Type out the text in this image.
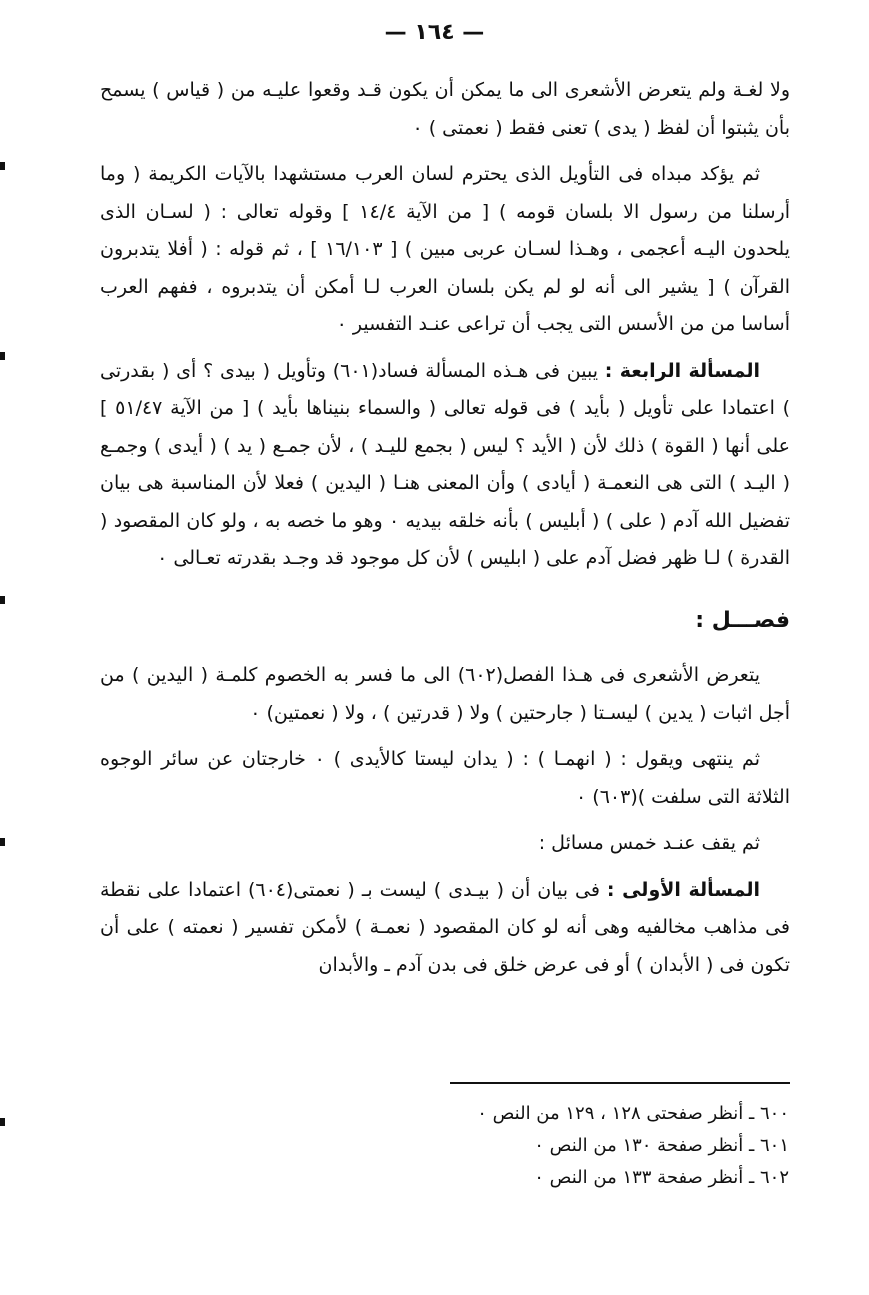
— ١٦٤ —

ولا لغـة ولم يتعرض الأشعرى الى ما يمكن أن يكون قـد وقعوا عليـه من ( قياس ) يسمح بأن يثبتوا أن لفظ ( يدى ) تعنى فقط ( نعمتى ) ٠

ثم يؤكد مبداه فى التأويل الذى يحترم لسان العرب مستشهدا بالآيات الكريمة ( وما أرسلنا من رسول الا بلسان قومه ) [ من الآية ١٤/٤ ] وقوله تعالى : ( لسـان الذى يلحدون اليـه أعجمى ، وهـذا لسـان عربى مبين ) [ ١٦/١٠٣ ] ، ثم قوله : ( أفلا يتدبرون القرآن ) [ يشير الى أنه لو لم يكن بلسان العرب لـا أمكن أن يتدبروه ، ففهم العرب أساسا من من الأسس التى يجب أن تراعى عنـد التفسير ٠

المسألة الرابعة : يبين فى هـذه المسألة فساد(٦٠١) وتأويل ( بيدى ؟ أى ( بقدرتى ) اعتمادا على تأويل ( بأيد ) فى قوله تعالى ( والسماء بنيناها بأيد ) [ من الآية ٥١/٤٧ ] على أنها ( القوة ) ذلك لأن ( الأيد ؟ ليس ( بجمع لليـد ) ، لأن جمـع ( يد ) ( أيدى ) وجمـع ( اليـد ) التى هى النعمـة ( أيادى ) وأن المعنى هنـا ( اليدين ) فعلا لأن المناسبة هى بيان تفضيل الله آدم ( على ) ( أبليس ) بأنه خلقه بيديه ٠ وهو ما خصه به ، ولو كان المقصود ( القدرة ) لـا ظهر فضل آدم على ( ابليس ) لأن كل موجود قد وجـد بقدرته تعـالى ٠

فصـــل :

يتعرض الأشعرى فى هـذا الفصل(٦٠٢) الى ما فسر به الخصوم كلمـة ( اليدين ) من أجل اثبات ( يدين ) ليسـتا ( جارحتين ) ولا ( قدرتين ) ، ولا ( نعمتين) ٠

ثم ينتهى ويقول : ( انهمـا ) : ( يدان ليستا كالأيدى ) ٠ خارجتان عن سائر الوجوه الثلاثة التى سلفت )(٦٠٣) ٠

ثم يقف عنـد خمس مسائل :

المسألة الأولى : فى بيان أن ( بيـدى ) ليست بـ ( نعمتى(٦٠٤) اعتمادا على نقطة فى مذاهب مخالفيه وهى أنه لو كان المقصود ( نعمـة ) لأمكن تفسير ( نعمته ) على أن تكون فى ( الأبدان ) أو فى عرض خلق فى بدن آدم ـ والأبدان

٦٠٠ ـ أنظر صفحتى ١٢٨ ، ١٢٩ من النص ٠
٦٠١ ـ أنظر صفحة ١٣٠ من النص ٠
٦٠٢ ـ أنظر صفحة ١٣٣ من النص ٠
